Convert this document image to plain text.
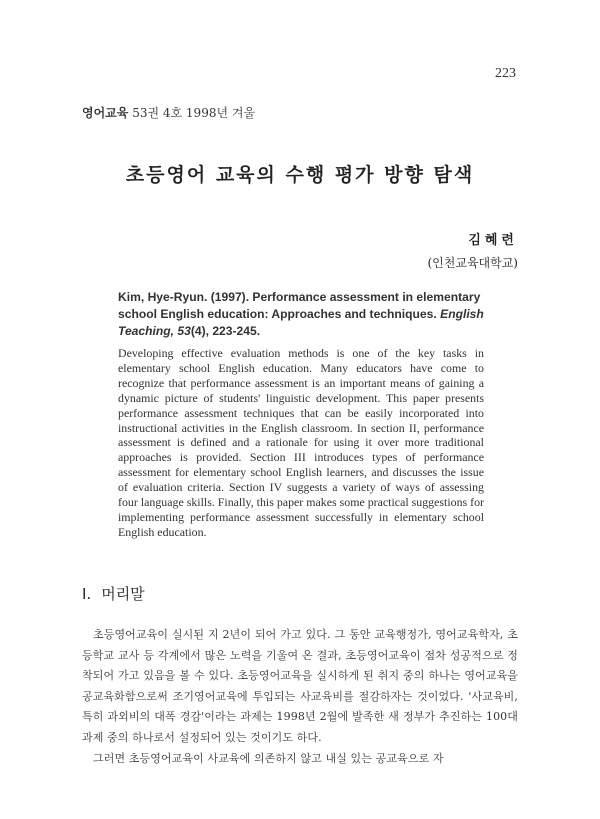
223
영어교육 53권 4호 1998년 겨울
초등영어 교육의 수행 평가 방향 탐색
김혜련
(인천교육대학교)
Kim, Hye-Ryun. (1997). Performance assessment in elementary school English education: Approaches and techniques. English Teaching, 53(4), 223-245.

Developing effective evaluation methods is one of the key tasks in elementary school English education. Many educators have come to recognize that performance assessment is an important means of gaining a dynamic picture of students' linguistic development. This paper presents performance assessment techniques that can be easily incorporated into instructional activities in the English classroom. In section II, performance assessment is defined and a rationale for using it over more traditional approaches is provided. Section III introduces types of performance assessment for elementary school English learners, and discusses the issue of evaluation criteria. Section IV suggests a variety of ways of assessing four language skills. Finally, this paper makes some practical suggestions for implementing performance assessment successfully in elementary school English education.

I. 머리말

초등영어교육이 실시된 지 2년이 되어 가고 있다. 그 동안 교육행정가, 영어교육학자, 초등학교 교사 등 각계에서 많은 노력을 기울여 온 결과, 초등영어교육이 점차 성공적으로 정착되어 가고 있음을 볼 수 있다. 초등영어교육을 실시하게 된 취지 중의 하나는 영어교육을 공교육화함으로써 조기영어교육에 투입되는 사교육비를 절감하자는 것이었다. '사교육비, 특히 과외비의 대폭 경감'이라는 과제는 1998년 2월에 발족한 새 정부가 추진하는 100대 과제 중의 하나로서 설정되어 있는 것이기도 하다.

그러면 초등영어교육이 사교육에 의존하지 않고 내실 있는 공교육으로 자
